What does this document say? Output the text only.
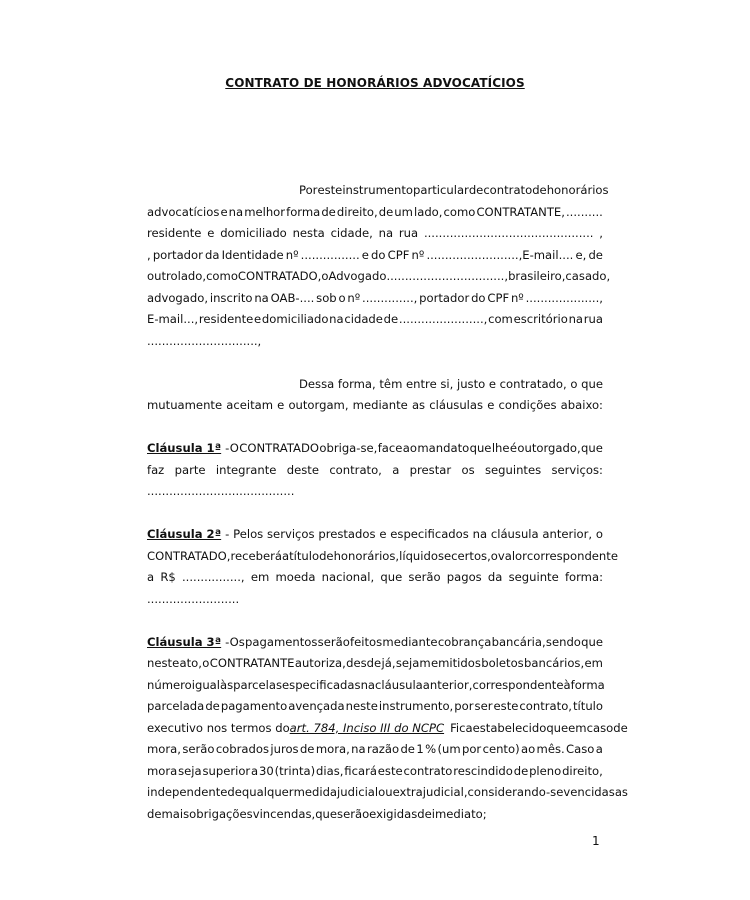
CONTRATO DE HONORÁRIOS ADVOCATÍCIOS
Por este instrumento particular de contrato de honorários
advocatícios e na melhor forma de direito, de um lado, como CONTRATANTE, ..........
residente e domiciliado nesta cidade, na rua .............................................. ,
, portador da Identidade nº ................ e do CPF nº .........................,E-mail.... e, de
outro lado, como CONTRATADO, o Advogado ................................, brasileiro, casado,
advogado, inscrito na OAB-.... sob o nº .............., portador do CPF nº ....................,
E-mail..., residente e domiciliado na cidade de ......................., com escritório na rua
..............................,
Dessa forma, têm entre si, justo e contratado, o que
mutuamente aceitam e outorgam, mediante as cláusulas e condições abaixo:
Cláusula 1ª - O CONTRATADO obriga-se, face ao mandato que lhe é outorgado, que
faz parte integrante deste contrato, a prestar os seguintes serviços:
........................................
Cláusula 2ª - Pelos serviços prestados e especificados na cláusula anterior, o
CONTRATADO, receberá a título de honorários, líquidos e certos, o valor correspondente
a R$ ................, em moeda nacional, que serão pagos da seguinte forma:
.........................
Cláusula 3ª - Os pagamentos serão feitos mediante cobrança bancária, sendo que
neste ato, o CONTRATANTE autoriza, desde já, sejam emitidos boletos bancários, em
número igual às parcelas especificadas na cláusula anterior, correspondente à forma
parcelada de pagamento avençada neste instrumento, por ser este contrato, título
executivo nos termos do art. 784, Inciso III do NCPC Fica estabelecido que em caso de
mora, serão cobrados juros de mora, na razão de 1 % (um por cento) ao mês. Caso a
mora seja superior a 30 (trinta) dias, ficará este contrato rescindido de pleno direito,
independente de qualquer medida judicial ou extrajudicial, considerando-se vencidas as
demais obrigações vincendas, que serão exigidas de imediato;
1
